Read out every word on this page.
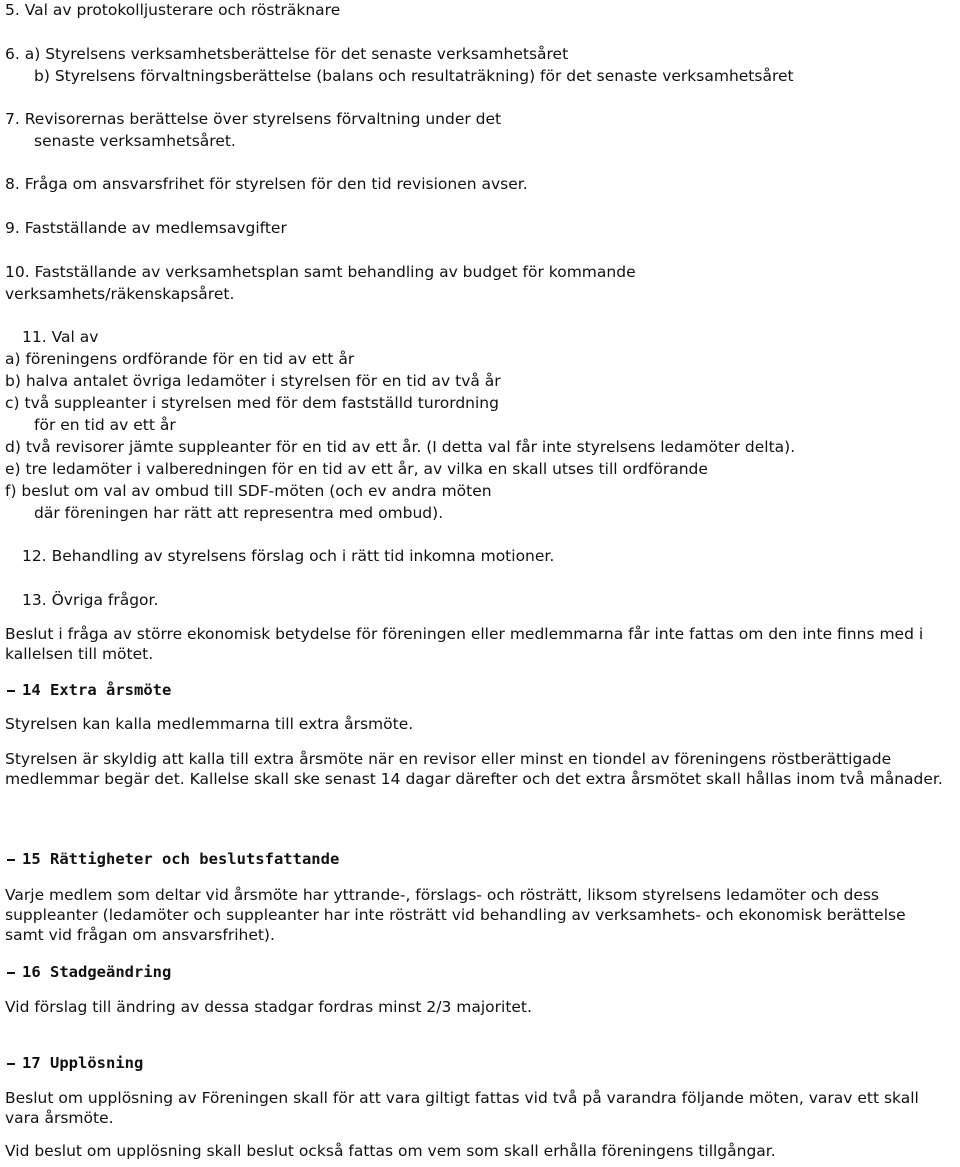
5. Val av protokolljusterare och rösträknare
6. a) Styrelsens verksamhetsberättelse för det senaste verksamhetsåret
b) Styrelsens förvaltningsberättelse (balans och resultaträkning) för det senaste verksamhetsåret
7. Revisorernas berättelse över styrelsens förvaltning under det
senaste verksamhetsåret.
8. Fråga om ansvarsfrihet för styrelsen för den tid revisionen avser.
9. Fastställande av medlemsavgifter
10. Fastställande av verksamhetsplan samt behandling av budget för kommande
verksamhets/räkenskapsåret.
11. Val av
a) föreningens ordförande för en tid av ett år
b) halva antalet övriga ledamöter i styrelsen för en tid av två år
c) två suppleanter i styrelsen med för dem fastställd turordning
för en tid av ett år
d) två revisorer jämte suppleanter för en tid av ett år. (I detta val får inte styrelsens ledamöter delta).
e) tre ledamöter i valberedningen för en tid av ett år, av vilka en skall utses till ordförande
f) beslut om val av ombud till SDF-möten (och ev andra möten
där föreningen har rätt att representra med ombud).
12. Behandling av styrelsens förslag och i rätt tid inkomna motioner.
13. Övriga frågor.
Beslut i fråga av större ekonomisk betydelse för föreningen eller medlemmarna får inte fattas om den inte finns med i kallelsen till mötet.
14 Extra årsmöte
Styrelsen kan kalla medlemmarna till extra årsmöte.
Styrelsen är skyldig att kalla till extra årsmöte när en revisor eller minst en tiondel av föreningens röstberättigade medlemmar begär det. Kallelse skall ske senast 14 dagar därefter och det extra årsmötet skall hållas inom två månader.
15 Rättigheter och beslutsfattande
Varje medlem som deltar vid årsmöte har yttrande-, förslags- och rösträtt, liksom styrelsens ledamöter och dess suppleanter (ledamöter och suppleanter har inte rösträtt vid behandling av verksamhets- och ekonomisk berättelse samt vid frågan om ansvarsfrihet).
16 Stadgeändring
Vid förslag till ändring av dessa stadgar fordras minst 2/3 majoritet.
17 Upplösning
Beslut om upplösning av Föreningen skall för att vara giltigt fattas vid två på varandra följande möten, varav ett skall vara årsmöte.
Vid beslut om upplösning skall beslut också fattas om vem som skall erhålla föreningens tillgångar.
